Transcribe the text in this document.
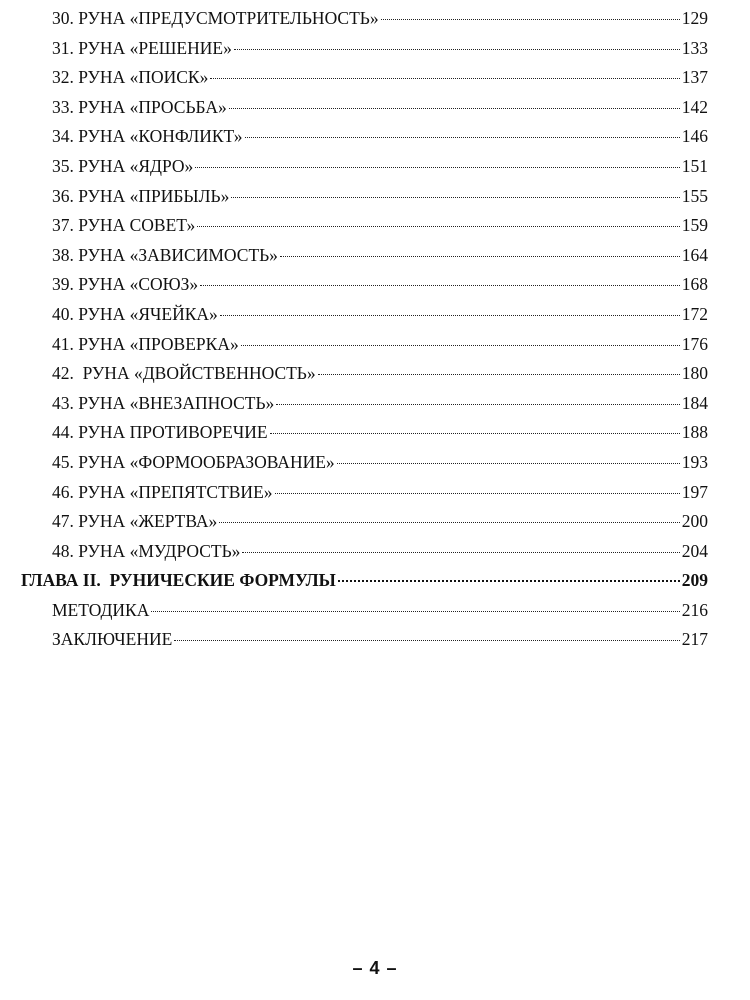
30. РУНА «ПРЕДУСМОТРИТЕЛЬНОСТЬ»	129
31. РУНА «РЕШЕНИЕ»	133
32. РУНА «ПОИСК»	137
33. РУНА «ПРОСЬБА»	142
34. РУНА «КОНФЛИКТ»	146
35. РУНА «ЯДРО»	151
36. РУНА «ПРИБЫЛЬ»	155
37. РУНА СОВЕТ»	159
38. РУНА «ЗАВИСИМОСТЬ»	164
39. РУНА «СОЮЗ»	168
40. РУНА «ЯЧЕЙКА»	172
41. РУНА «ПРОВЕРКА»	176
42.  РУНА «ДВОЙСТВЕННОСТЬ»	180
43. РУНА «ВНЕЗАПНОСТЬ»	184
44. РУНА ПРОТИВОРЕЧИЕ	188
45. РУНА «ФОРМООБРАЗОВАНИЕ»	193
46. РУНА «ПРЕПЯТСТВИЕ»	197
47. РУНА «ЖЕРТВА»	200
48. РУНА «МУДРОСТЬ»	204
ГЛАВА II.  РУНИЧЕСКИЕ ФОРМУЛЫ	209
МЕТОДИКА	216
ЗАКЛЮЧЕНИЕ	217
– 4 –
